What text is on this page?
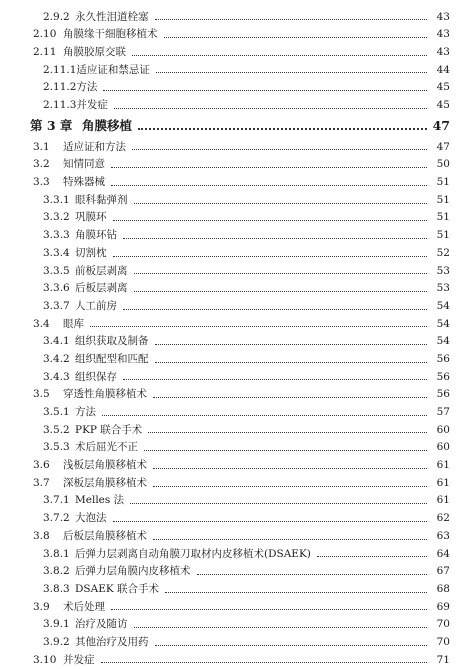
2.9.2 永久性泪道栓塞	43
2.10 角膜缘干细胞移植术	43
2.11 角膜胶原交联	43
2.11.1 适应证和禁忌证	44
2.11.2 方法	45
2.11.3 并发症	45
第 3 章 角膜移植	47
3.1	适应证和方法	47
3.2	知情同意	50
3.3	特殊器械	51
3.3.1 眼科黏弹剂	51
3.3.2 巩膜环	51
3.3.3 角膜环钻	51
3.3.4 切割枕	52
3.3.5 前板层剥离	53
3.3.6 后板层剥离	53
3.3.7 人工前房	54
3.4	眼库	54
3.4.1 组织获取及制备	54
3.4.2 组织配型和匹配	56
3.4.3 组织保存	56
3.5	穿透性角膜移植术	56
3.5.1 方法	57
3.5.2 PKP 联合手术	60
3.5.3 术后屈光不正	60
3.6	浅板层角膜移植术	61
3.7	深板层角膜移植术	61
3.7.1 Melles 法	61
3.7.2 大泡法	62
3.8	后板层角膜移植术	63
3.8.1 后弹力层剥离自动角膜刀取材内皮移植术(DSAEK)	64
3.8.2 后弹力层角膜内皮移植术	67
3.8.3 DSAEK 联合手术	68
3.9	术后处理	69
3.9.1 治疗及随访	70
3.9.2 其他治疗及用药	70
3.10 并发症	71
